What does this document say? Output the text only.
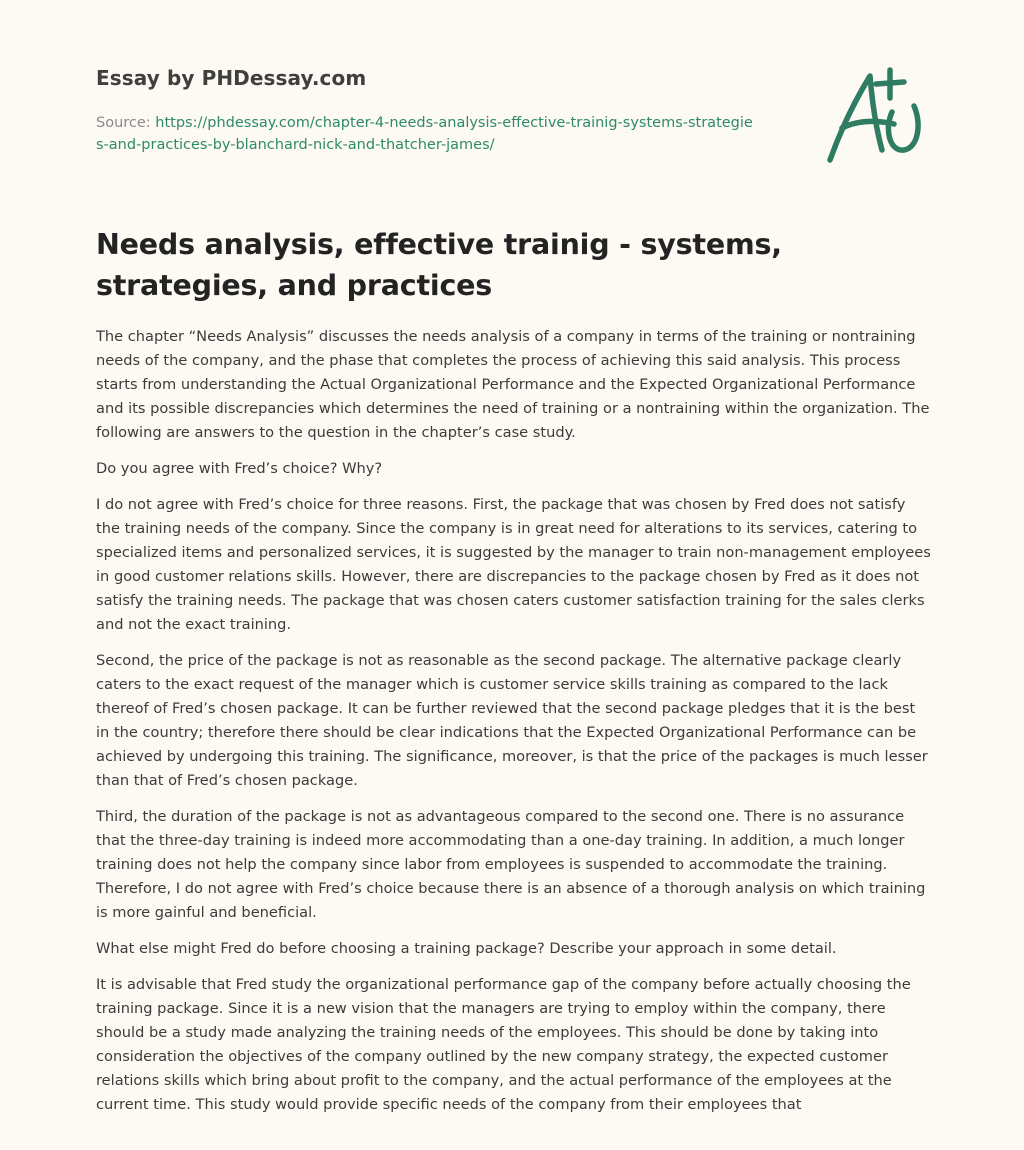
Essay by PHDessay.com
Source: https://phdessay.com/chapter-4-needs-analysis-effective-trainig-systems-strategies-and-practices-by-blanchard-nick-and-thatcher-james/
Needs analysis, effective trainig - systems, strategies, and practices

The chapter “Needs Analysis” discusses the needs analysis of a company in terms of the training or nontraining needs of the company, and the phase that completes the process of achieving this said analysis. This process starts from understanding the Actual Organizational Performance and the Expected Organizational Performance and its possible discrepancies which determines the need of training or a nontraining within the organization. The following are answers to the question in the chapter’s case study.

Do you agree with Fred’s choice? Why?

I do not agree with Fred’s choice for three reasons. First, the package that was chosen by Fred does not satisfy the training needs of the company. Since the company is in great need for alterations to its services, catering to specialized items and personalized services, it is suggested by the manager to train non-management employees in good customer relations skills. However, there are discrepancies to the package chosen by Fred as it does not satisfy the training needs. The package that was chosen caters customer satisfaction training for the sales clerks and not the exact training.

Second, the price of the package is not as reasonable as the second package. The alternative package clearly caters to the exact request of the manager which is customer service skills training as compared to the lack thereof of Fred’s chosen package. It can be further reviewed that the second package pledges that it is the best in the country; therefore there should be clear indications that the Expected Organizational Performance can be achieved by undergoing this training. The significance, moreover, is that the price of the packages is much lesser than that of Fred’s chosen package.

Third, the duration of the package is not as advantageous compared to the second one. There is no assurance that the three-day training is indeed more accommodating than a one-day training. In addition, a much longer training does not help the company since labor from employees is suspended to accommodate the training. Therefore, I do not agree with Fred’s choice because there is an absence of a thorough analysis on which training is more gainful and beneficial.

What else might Fred do before choosing a training package? Describe your approach in some detail.

It is advisable that Fred study the organizational performance gap of the company before actually choosing the training package. Since it is a new vision that the managers are trying to employ within the company, there should be a study made analyzing the training needs of the employees. This should be done by taking into consideration the objectives of the company outlined by the new company strategy, the expected customer relations skills which bring about profit to the company, and the actual performance of the employees at the current time. This study would provide specific needs of the company from their employees that
